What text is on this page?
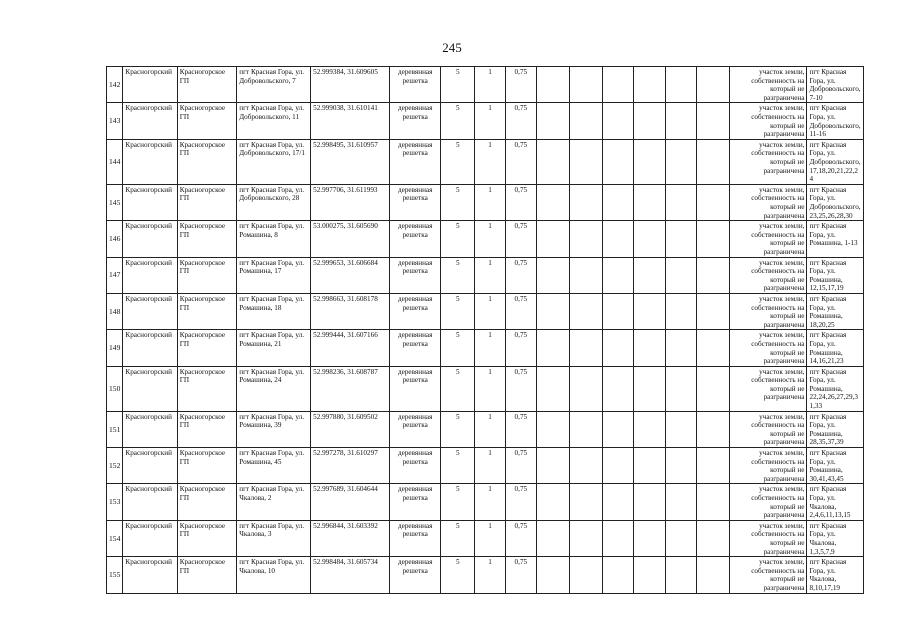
245
142	Красногорский	Красногорское ГП	пгт Красная Гора, ул. Добровольского, 7	52.999384, 31.609605	деревянная решетка	5	1	0,75							участок земли, собственность на который не разграничена	пгт Красная Гора, ул. Добровольского, 7-10
143	Красногорский	Красногорское ГП	пгт Красная Гора, ул. Добровольского, 11	52.999038, 31.610141	деревянная решетка	5	1	0,75							участок земли, собственность на который не разграничена	пгт Красная Гора, ул. Добровольского, 11-16
144	Красногорский	Красногорское ГП	пгт Красная Гора, ул. Добровольского, 17/1	52.998495, 31.610957	деревянная решетка	5	1	0,75							участок земли, собственность на который не разграничена	пгт Красная Гора, ул. Добровольского, 17,18,20,21,22,24
145	Красногорский	Красногорское ГП	пгт Красная Гора, ул. Добровольского, 28	52.997706, 31.611993	деревянная решетка	5	1	0,75							участок земли, собственность на который не разграничена	пгт Красная Гора, ул. Добровольского, 23,25,26,28,30
146	Красногорский	Красногорское ГП	пгт Красная Гора, ул. Ромашина, 8	53.000275, 31.605690	деревянная решетка	5	1	0,75							участок земли, собственность на который не разграничена	пгт Красная Гора, ул. Ромашина, 1-13
147	Красногорский	Красногорское ГП	пгт Красная Гора, ул. Ромашина, 17	52.999653, 31.606684	деревянная решетка	5	1	0,75							участок земли, собственность на который не разграничена	пгт Красная Гора, ул. Ромашина, 12,15,17,19
148	Красногорский	Красногорское ГП	пгт Красная Гора, ул. Ромашина, 18	52.998663, 31.608178	деревянная решетка	5	1	0,75							участок земли, собственность на который не разграничена	пгт Красная Гора, ул. Ромашина, 18,20,25
149	Красногорский	Красногорское ГП	пгт Красная Гора, ул. Ромашина, 21	52.999444, 31.607166	деревянная решетка	5	1	0,75							участок земли, собственность на который не разграничена	пгт Красная Гора, ул. Ромашина, 14,16,21,23
150	Красногорский	Красногорское ГП	пгт Красная Гора, ул. Ромашина, 24	52.998236, 31.608787	деревянная решетка	5	1	0,75							участок земли, собственность на который не разграничена	пгт Красная Гора, ул. Ромашина, 22,24,26,27,29,31,33
151	Красногорский	Красногорское ГП	пгт Красная Гора, ул. Ромашина, 39	52.997880, 31.609502	деревянная решетка	5	1	0,75							участок земли, собственность на который не разграничена	пгт Красная Гора, ул. Ромашина, 28,35,37,39
152	Красногорский	Красногорское ГП	пгт Красная Гора, ул. Ромашина, 45	52.997278, 31.610297	деревянная решетка	5	1	0,75							участок земли, собственность на который не разграничена	пгт Красная Гора, ул. Ромашина, 30,41,43,45
153	Красногорский	Красногорское ГП	пгт Красная Гора, ул. Чкалова, 2	52.997689, 31.604644	деревянная решетка	5	1	0,75							участок земли, собственность на который не разграничена	пгт Красная Гора, ул. Чкалова, 2,4,6,11,13,15
154	Красногорский	Красногорское ГП	пгт Красная Гора, ул. Чкалова, 3	52.996844, 31.603392	деревянная решетка	5	1	0,75							участок земли, собственность на который не разграничена	пгт Красная Гора, ул. Чкалова, 1,3,5,7,9
155	Красногорский	Красногорское ГП	пгт Красная Гора, ул. Чкалова, 10	52.998484, 31.605734	деревянная решетка	5	1	0,75							участок земли, собственность на который не разграничена	пгт Красная Гора, ул. Чкалова, 8,10,17,19
